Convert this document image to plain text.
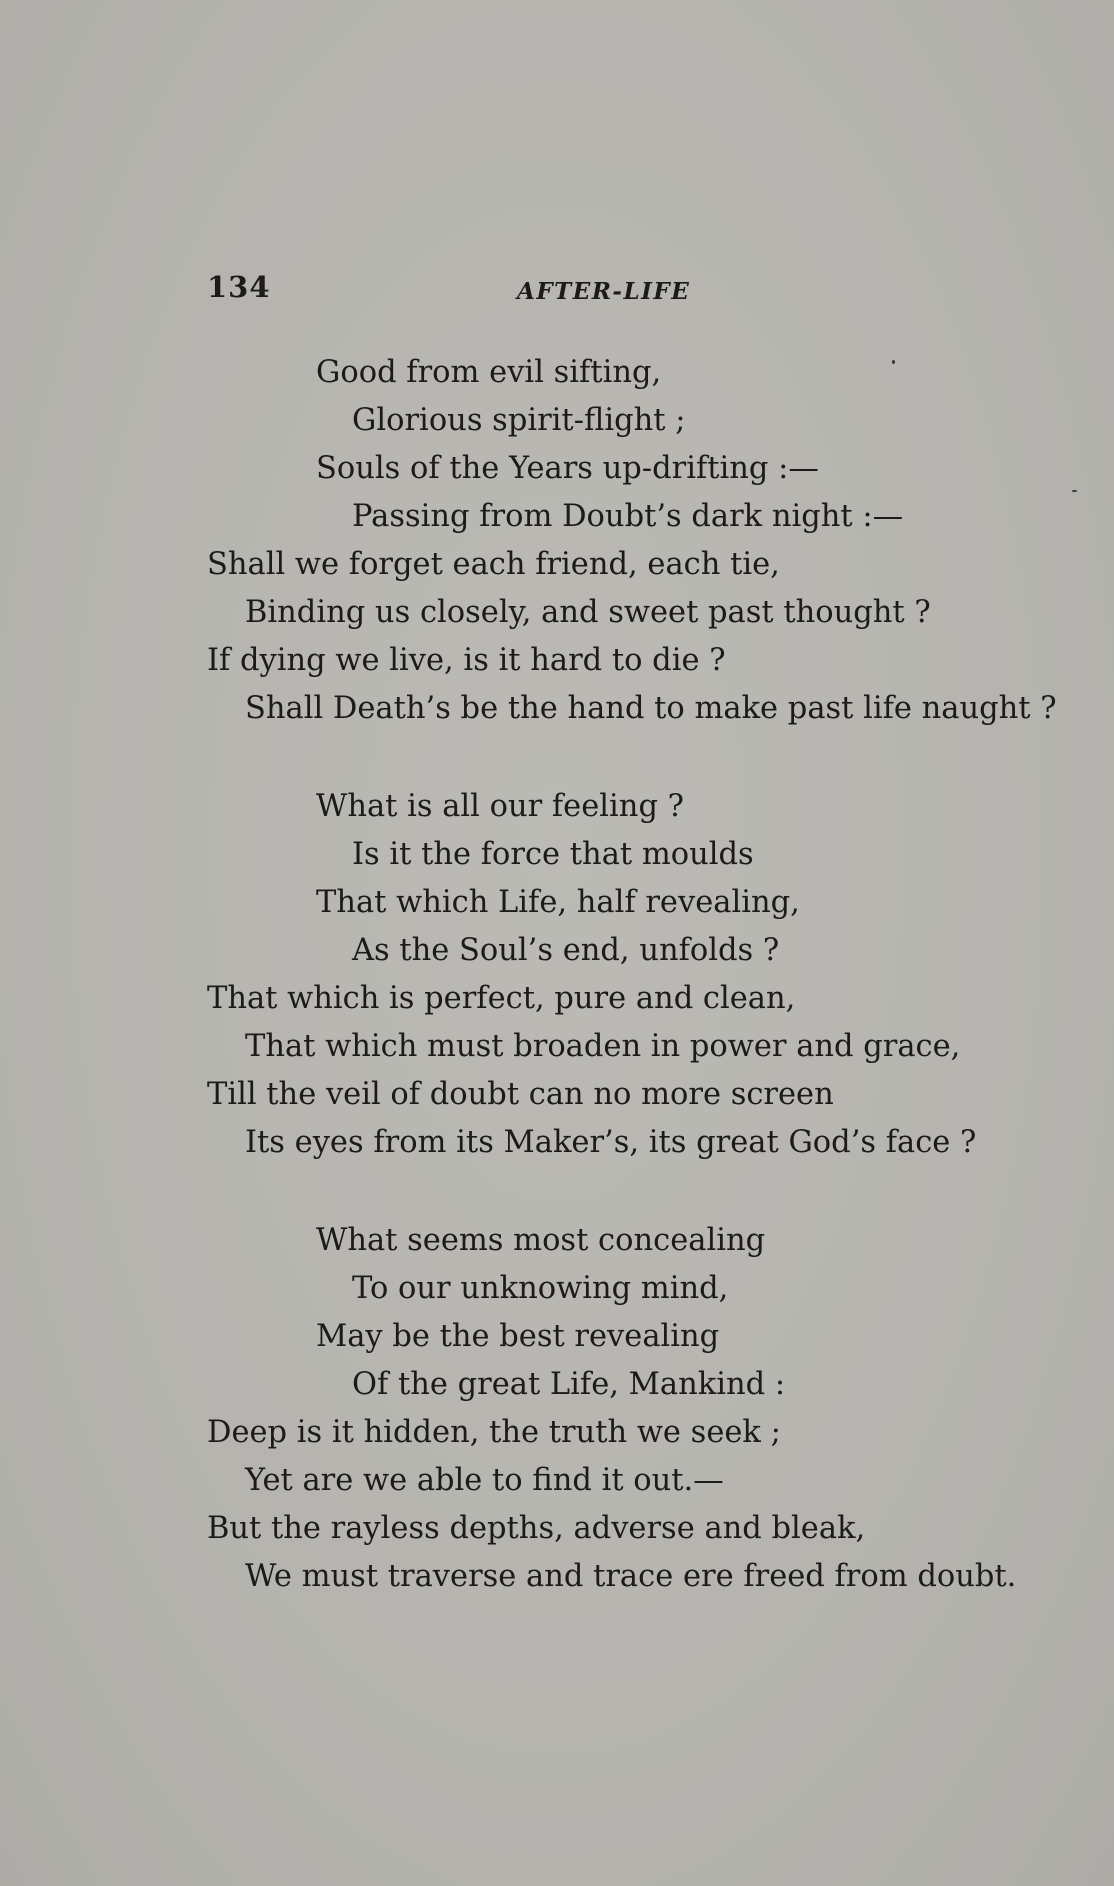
134	AFTER-LIFE
Good from evil sifting,
Glorious spirit-flight ;
Souls of the Years up-drifting :—
Passing from Doubt’s dark night :—
Shall we forget each friend, each tie,
Binding us closely, and sweet past thought ?
If dying we live, is it hard to die ?
Shall Death’s be the hand to make past life naught ?
What is all our feeling ?
Is it the force that moulds
That which Life, half revealing,
As the Soul’s end, unfolds ?
That which is perfect, pure and clean,
That which must broaden in power and grace,
Till the veil of doubt can no more screen
Its eyes from its Maker’s, its great God’s face ?
What seems most concealing
To our unknowing mind,
May be the best revealing
Of the great Life, Mankind :
Deep is it hidden, the truth we seek ;
Yet are we able to find it out.—
But the rayless depths, adverse and bleak,
We must traverse and trace ere freed from doubt.
